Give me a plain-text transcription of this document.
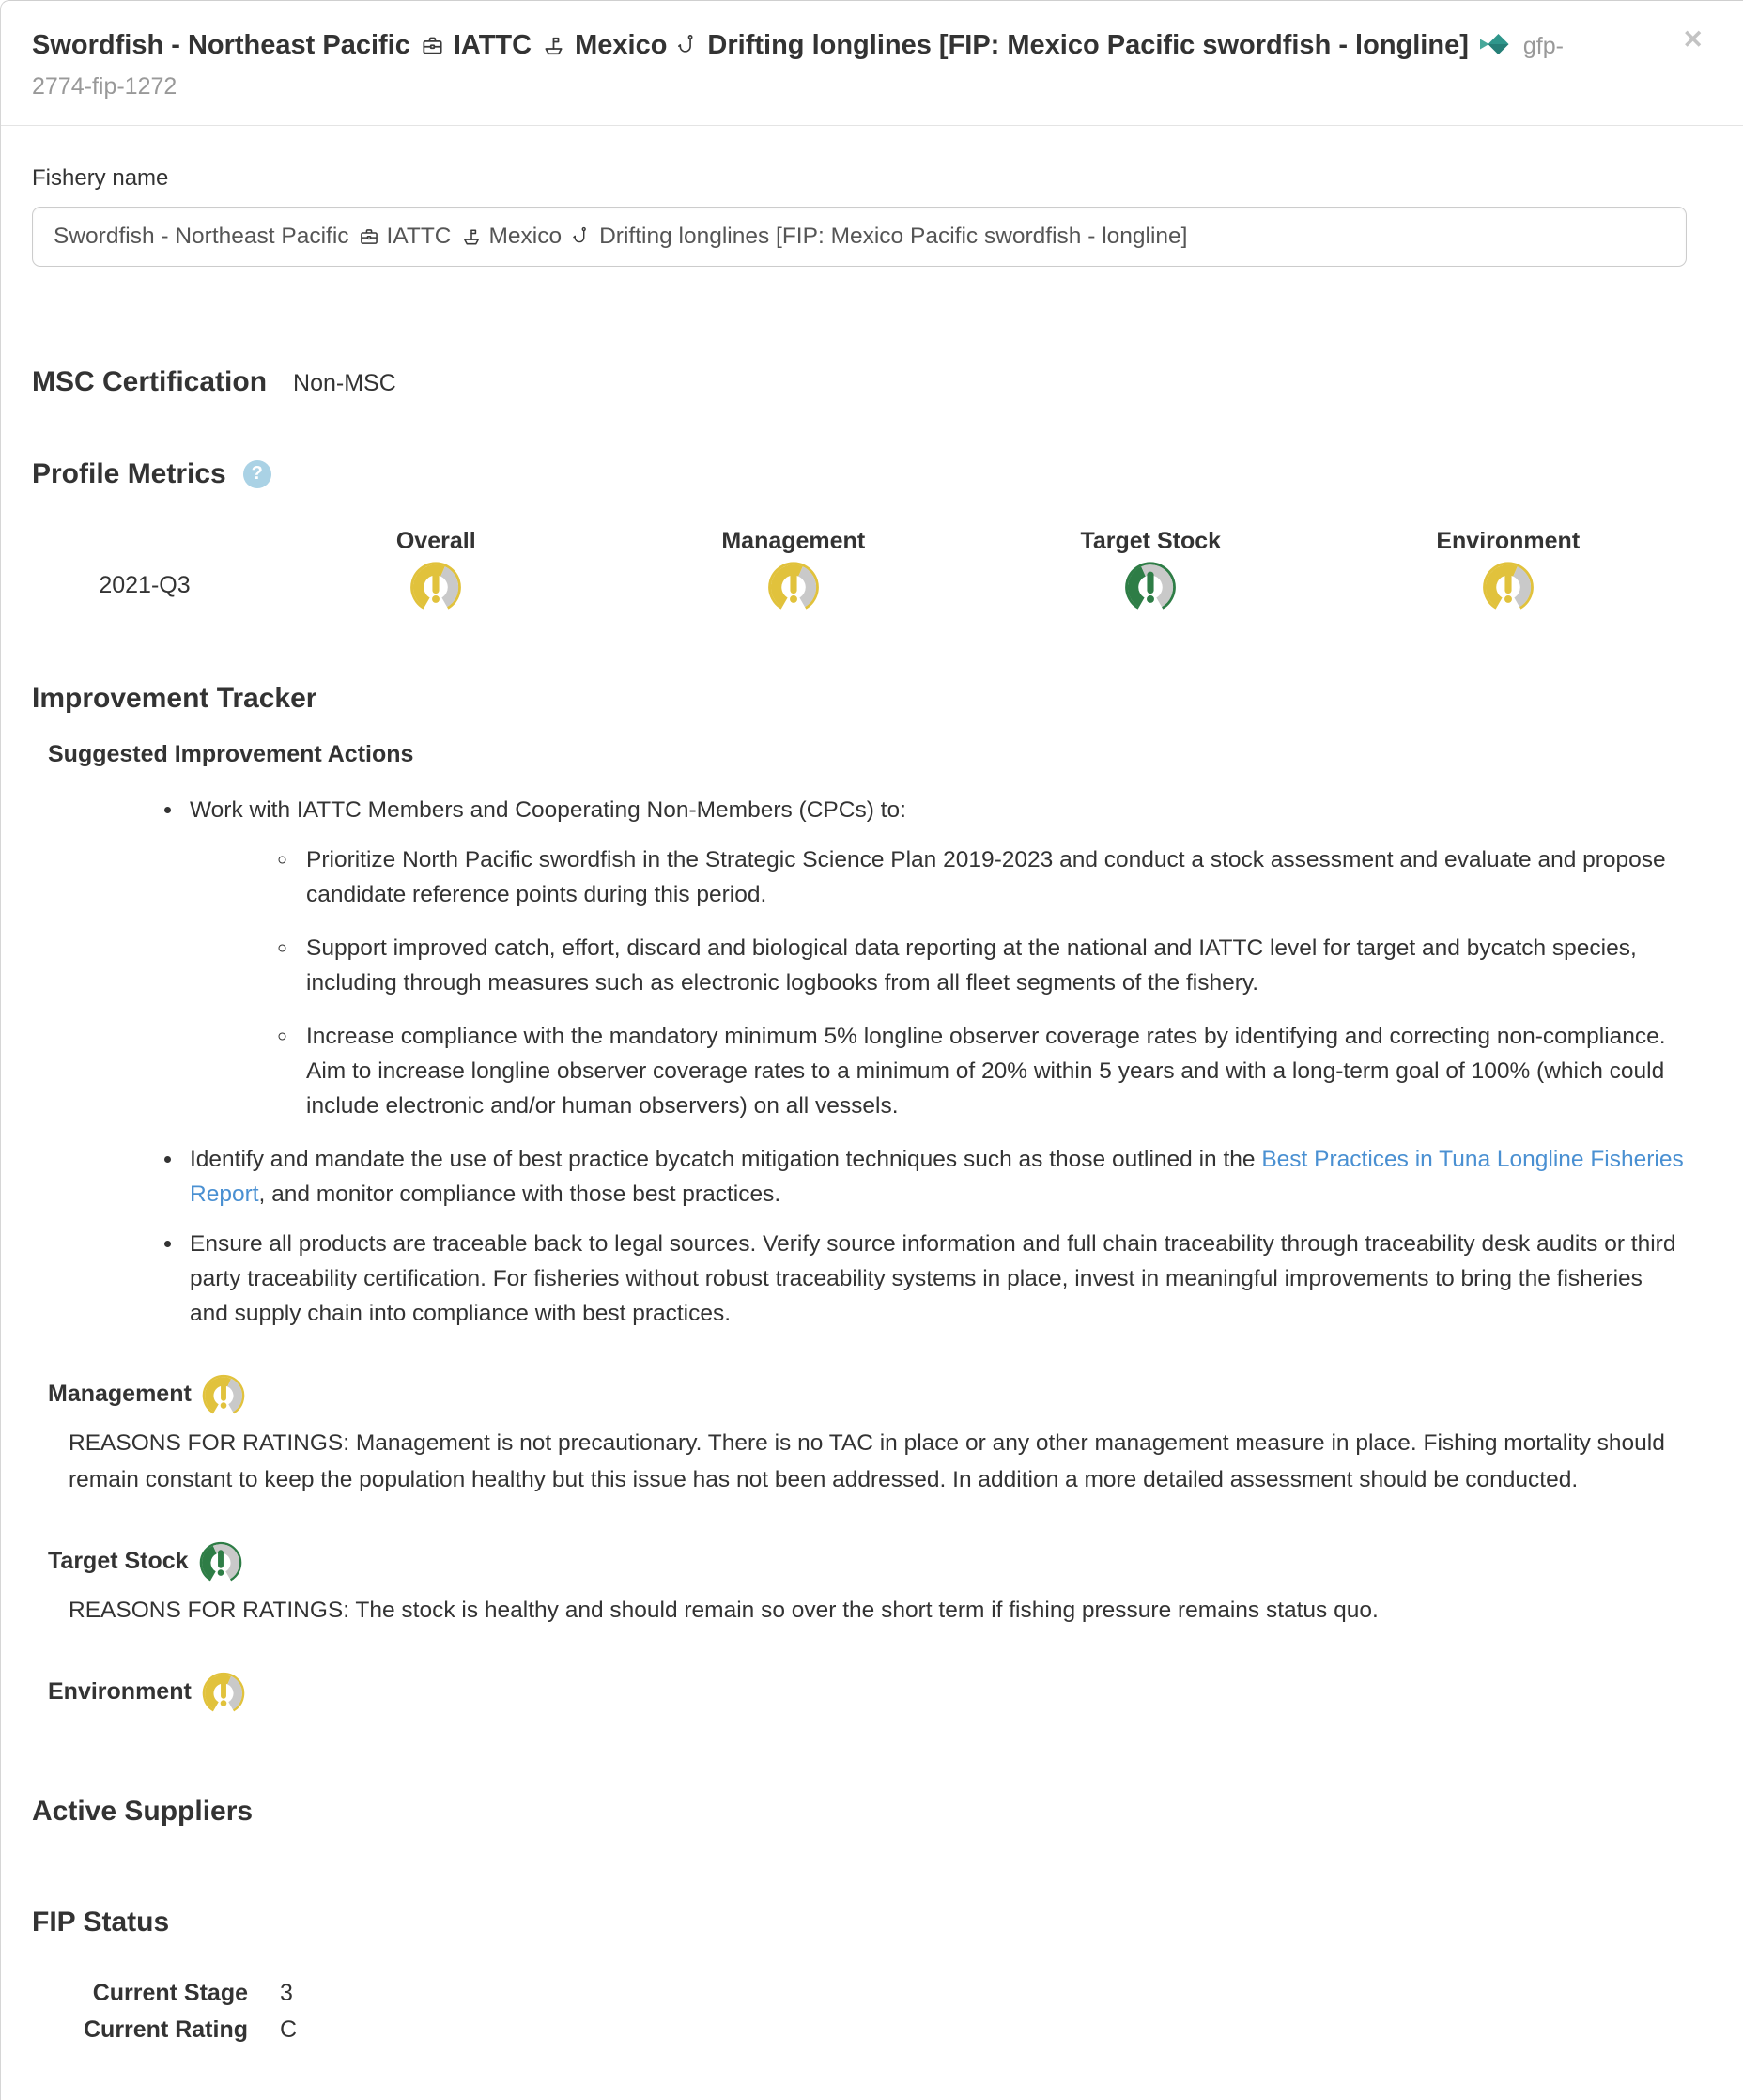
Swordfish - Northeast Pacific IATTC Mexico Drifting longlines [FIP: Mexico Pacific swordfish - longline] gfp-2774-fip-1272
✕

Fishery name

Swordfish - Northeast Pacific IATTC Mexico Drifting longlines [FIP: Mexico Pacific swordfish - longline]
MSC Certification Non-MSC
Profile Metrics	?
Overall	Management	Target Stock	Environment
2021-Q3
Improvement Tracker

Suggested Improvement Actions

• Work with IATTC Members and Cooperating Non-Members (CPCs) to:
◦ Prioritize North Pacific swordfish in the Strategic Science Plan 2019-2023 and conduct a stock assessment and evaluate and propose candidate reference points during this period.
◦ Support improved catch, effort, discard and biological data reporting at the national and IATTC level for target and bycatch species, including through measures such as electronic logbooks from all fleet segments of the fishery.
◦ Increase compliance with the mandatory minimum 5% longline observer coverage rates by identifying and correcting non-compliance. Aim to increase longline observer coverage rates to a minimum of 20% within 5 years and with a long-term goal of 100% (which could include electronic and/or human observers) on all vessels.
• Identify and mandate the use of best practice bycatch mitigation techniques such as those outlined in the Best Practices in Tuna Longline Fisheries Report, and monitor compliance with those best practices.
• Ensure all products are traceable back to legal sources. Verify source information and full chain traceability through traceability desk audits or third party traceability certification. For fisheries without robust traceability systems in place, invest in meaningful improvements to bring the fisheries and supply chain into compliance with best practices.
Management

REASONS FOR RATINGS: Management is not precautionary. There is no TAC in place or any other management measure in place. Fishing mortality should remain constant to keep the population healthy but this issue has not been addressed. In addition a more detailed assessment should be conducted.

Target Stock

REASONS FOR RATINGS: The stock is healthy and should remain so over the short term if fishing pressure remains status quo.

Environment
Active Suppliers
FIP Status
Current Stage 3
Current Rating C
